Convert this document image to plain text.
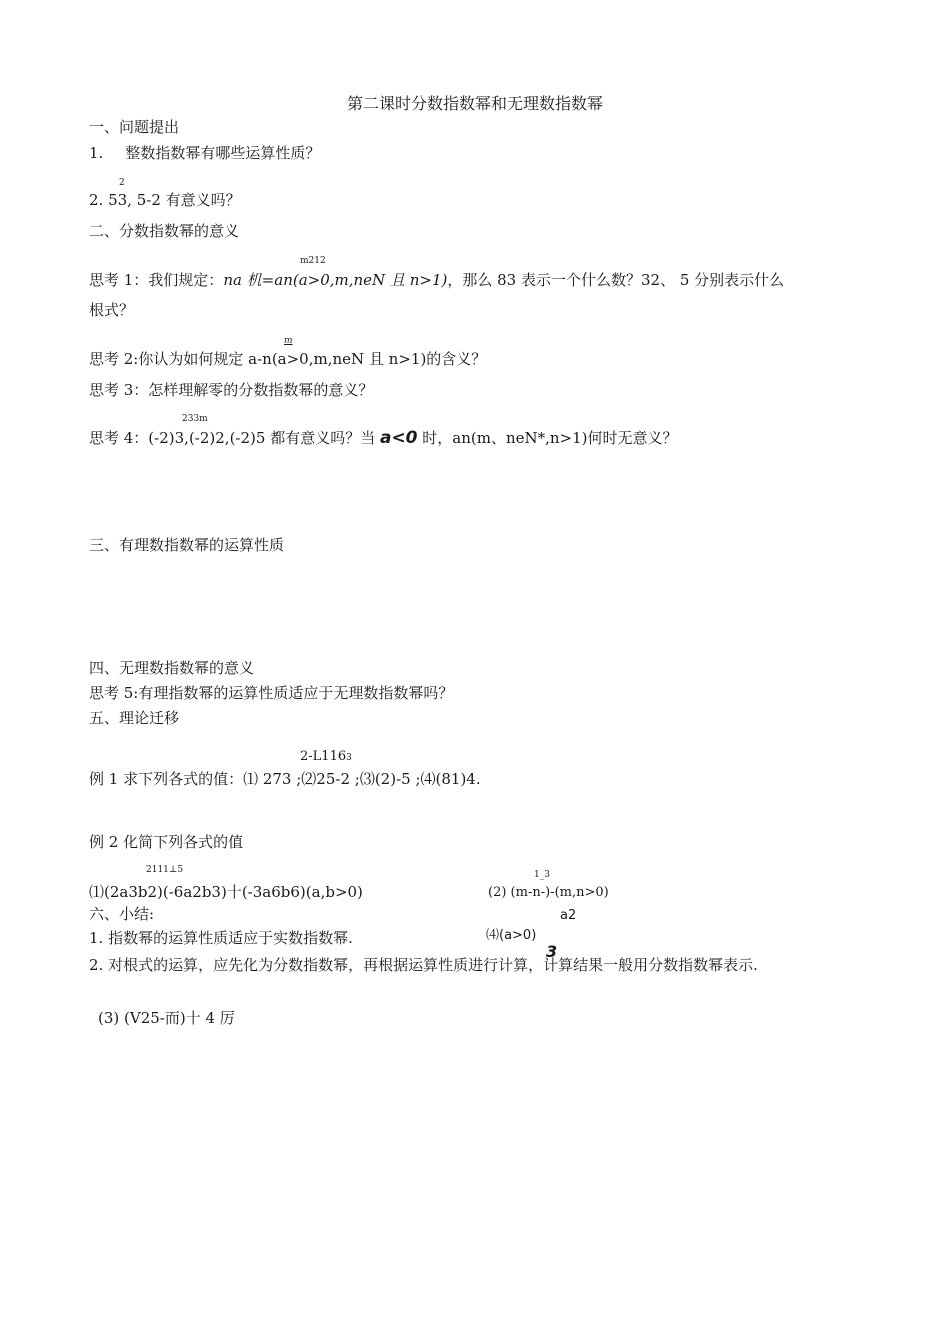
第二课时分数指数幂和无理数指数幂
一、问题提出
1. 整数指数幂有哪些运算性质？
2
2. 53, 5-2 有意义吗？
二、分数指数幂的意义
m212
思考 1：我们规定：na 机=an(a>0,m,neN 且 n>1)，那么 83 表示一个什么数？32、 5 分别表示什么
根式？
m
思考 2:你认为如何规定 a-n(a>0,m,neN 且 n>1)的含义？
思考 3：怎样理解零的分数指数幂的意义？
233m
思考 4：(-2)3,(-2)2,(-2)5 都有意义吗？当 a<0 时，an(m、neN*,n>1)何时无意义？
三、有理数指数幂的运算性质
四、无理数指数幂的意义
思考 5:有理指数幂的运算性质适应于无理数指数幂吗？
五、理论迁移
2-L1163
例 1 求下列各式的值：⑴ 273 ;⑵25-2 ;⑶(2)-5 ;⑷(81)4.
例 2 化简下列各式的值
2111⊥5
⑴(2a3b2)(-6a2b3)十(-3a6b6)(a,b>0)
1_3
(2) (m-n-)-(m,n>0)
六、小结:	a2
1. 指数幂的运算性质适应于实数指数幂.	⑷(a>0)
3
2. 对根式的运算，应先化为分数指数幂，再根据运算性质进行计算，计算结果一般用分数指数幂表示.
(3) (V25-而)十 4 厉
